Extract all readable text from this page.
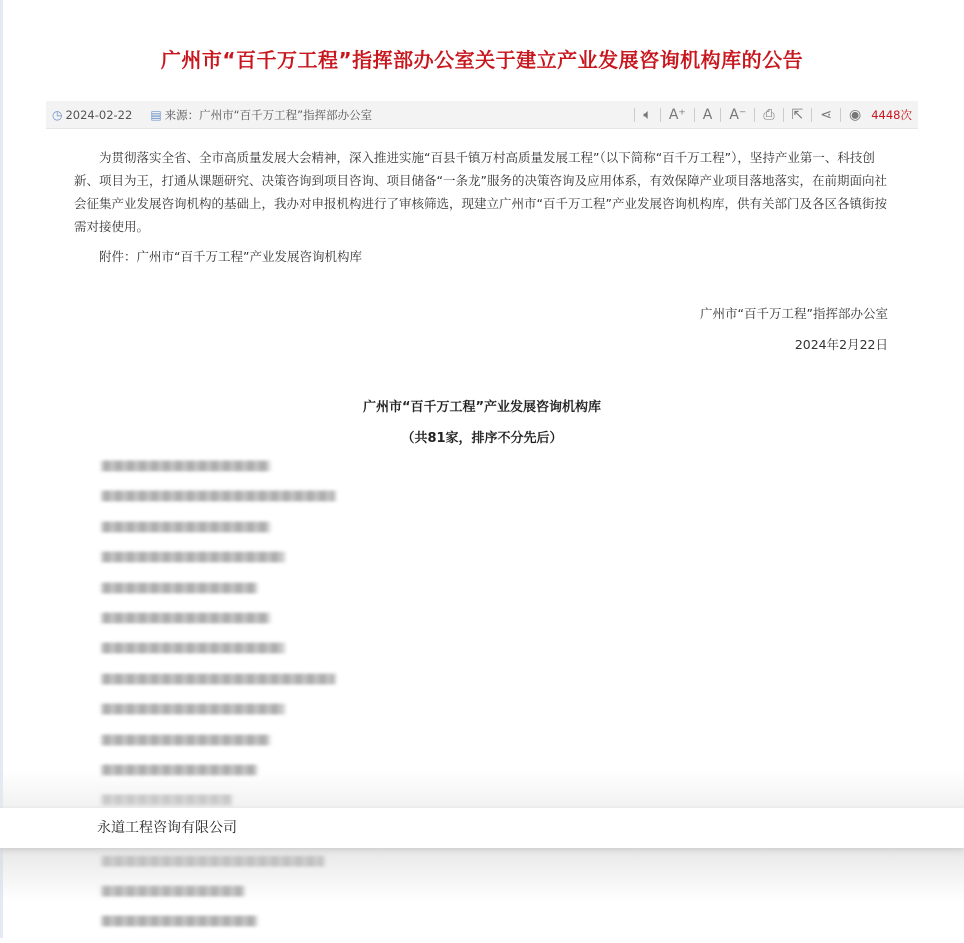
广州市“百千万工程”指挥部办公室关于建立产业发展咨询机构库的公告
◷ 2024-02-22 ▤ 来源：广州市“百千万工程”指挥部办公室	🔈︎	A⁺	A	A⁻	⎙	⇱	⋖	◉ 4448次

为贯彻落实全省、全市高质量发展大会精神，深入推进实施“百县千镇万村高质量发展工程”（以下简称“百千万工程”），坚持产业第一、科技创新、项目为王，打通从课题研究、决策咨询到项目咨询、项目储备“一条龙”服务的决策咨询及应用体系，有效保障产业项目落地落实，在前期面向社会征集产业发展咨询机构的基础上，我办对申报机构进行了审核筛选，现建立广州市“百千万工程”产业发展咨询机构库，供有关部门及各区各镇街按需对接使用。

附件：广州市“百千万工程”产业发展咨询机构库

广州市“百千万工程”指挥部办公室
2024年2月22日
广州市“百千万工程”产业发展咨询机构库
（共81家，排序不分先后）
永道工程咨询有限公司
